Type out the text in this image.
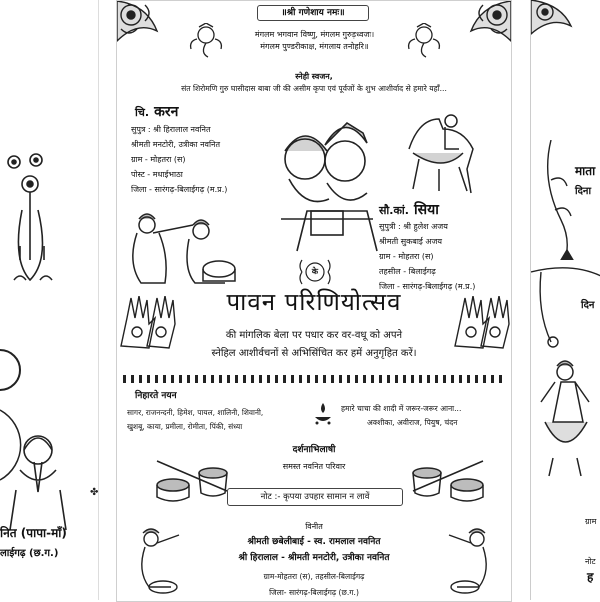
✤
नित (पापा-माँ)
लाईगढ़ (छ.ग.)
॥श्री गणेशाय नमः॥
मंगलम भगवान विष्णु, मंगलम गुरुड़ध्वजः।
मंगलम पुण्डरीकाक्ष, मंगलाय तनोहरि॥
स्नेही स्वजन,
संत शिरोमणि गुरु घासीदास बाबा जी की असीम कृपा एवं पूर्वजों के शुभ आशीर्वाद से हमारे यहाँ...
चि. करन
सुपुत्र : श्री हिरालाल नवनित
श्रीमती मनटोरी, उत्रीका नवनित
ग्राम - मोहतरा (स)
पोस्ट - मधाईभाठा
जिला - सारंगढ़-बिलाईगढ़ (म.प्र.)
सौ.कां. सिया
सुपुत्री : श्री हुलेश अजय
श्रीमती सुकबाई अजय
ग्राम - मोहतरा (स)
तहसील - बिलाईगढ़
जिला - सारंगढ़-बिलाईगढ़ (म.प्र.)
के
पावन परिणियोत्सव
की मांगलिक बेला पर पधार कर वर-वधू को अपने
स्नेहिल आशीर्वचनों से अभिसिंचित कर हमें अनुगृहित करें।
निहारते नयन
सागर, राजनन्दनी, हिमेश, पायल, शालिनी, शिवानी,
खुशबू, काया, प्रमीला, रोमीता, पिंकी, संध्या
हमारे चाचा की शादी में जरूर-जरूर आना...
अक्शीका, अवीराज, पियुष, चंदन
दर्शनाभिलाषी
समस्त नवनित परिवार
नोट :- कृपया उपहार सामान न लावें
विनीत
श्रीमती छबेलीबाई - स्व. रामलाल नवनित
श्री हिरालाल - श्रीमती मनटोरी, उत्रीका नवनित
ग्राम-मोहतरा (स), तहसील-बिलाईगढ़
जिला- सारंगढ़-बिलाईगढ़ (छ.ग.)
माता
दिना
दिन
ग्राम
नोट
ह
